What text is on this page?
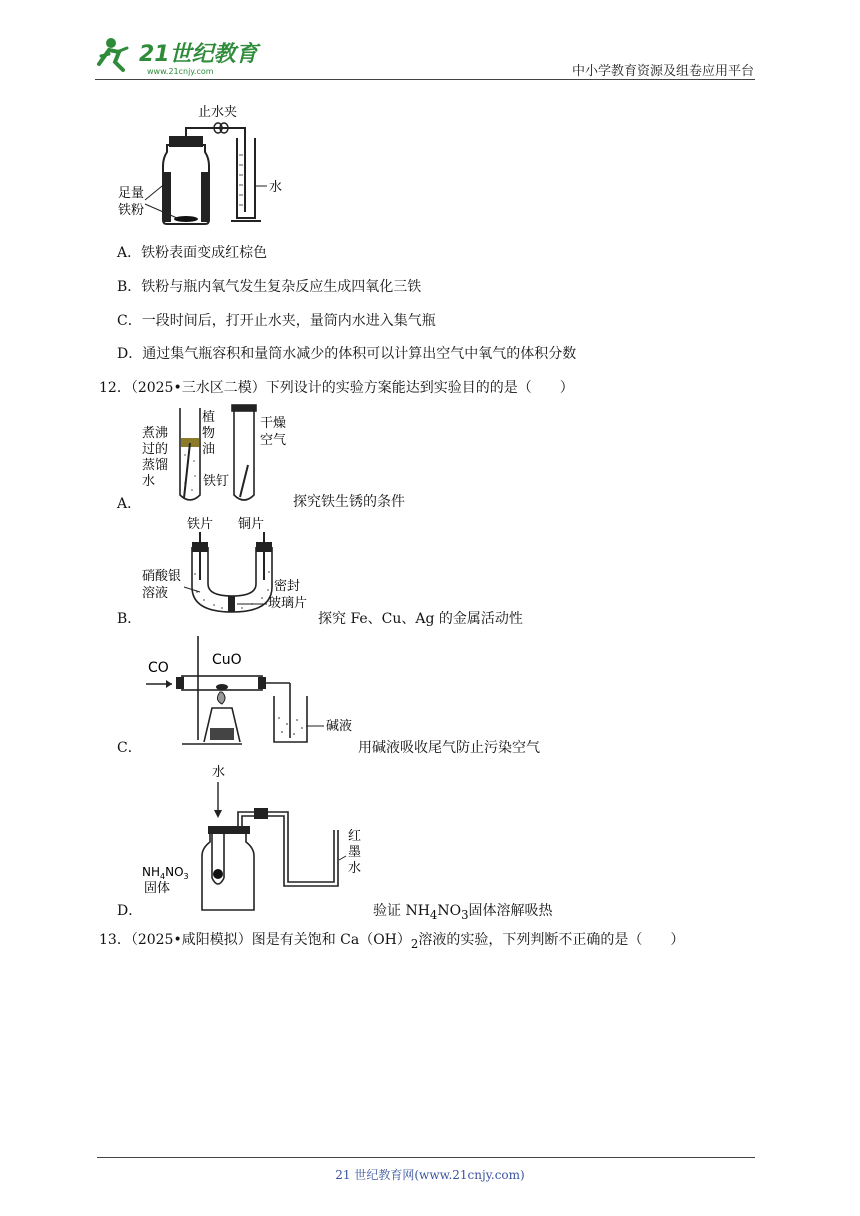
21世纪教育
www.21cnjy.com	中小学教育资源及组卷应用平台
止水夹
水
足量
铁粉
A．铁粉表面变成红棕色
B．铁粉与瓶内氧气发生复杂反应生成四氧化三铁
C．一段时间后，打开止水夹，量筒内水进入集气瓶
D．通过集气瓶容积和量筒水减少的体积可以计算出空气中氧气的体积分数
12．（2025•三水区二模）下列设计的实验方案能达到实验目的的是（　　）
A．
煮沸
过的
蒸馏
水
植
物
油
铁钉
干燥
空气
探究铁生锈的条件
B．
铁片 铜片
硝酸银
溶液	密封
玻璃片
探究 Fe、Cu、Ag 的金属活动性
C．
CO	CuO
碱液
用碱液吸收尾气防止污染空气
D．
水
红
墨
水
$NH_4NO_3$
固体
验证 $NH_4NO_3$固体溶解吸热
13．（2025•咸阳模拟）图是有关饱和 $Ca(OH)_2$溶液的实验，下列判断不正确的是（　　）
21 世纪教育网(www.21cnjy.com)
